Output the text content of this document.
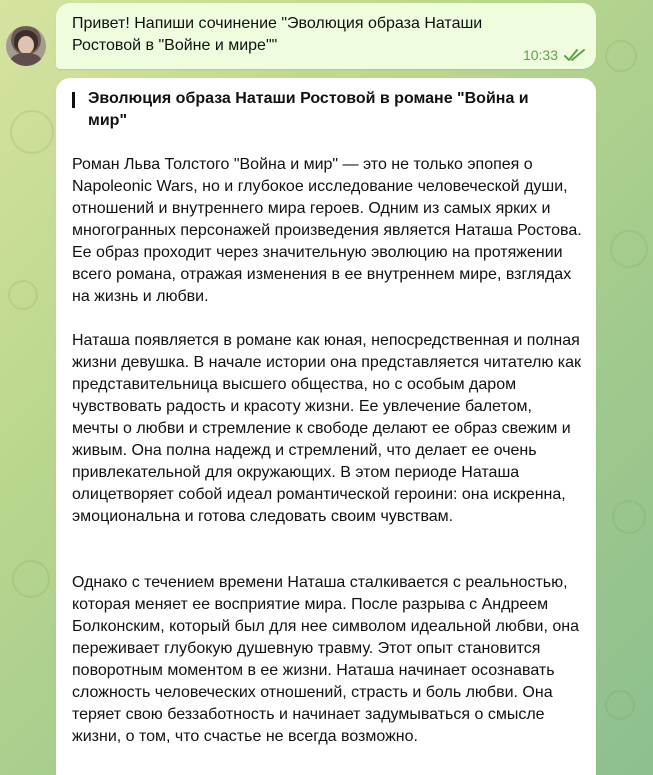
Привет! Напиши сочинение "Эволюция образа Наташи Ростовой в "Войне и мире""
10:33
Эволюция образа Наташи Ростовой в романе "Война и мир"
Роман Льва Толстого "Война и мир" — это не только эпопея о Napoleonic Wars, но и глубокое исследование человеческой души, отношений и внутреннего мира героев. Одним из самых ярких и многогранных персонажей произведения является Наташа Ростова. Ее образ проходит через значительную эволюцию на протяжении всего романа, отражая изменения в ее внутреннем мире, взглядах на жизнь и любви.
Наташа появляется в романе как юная, непосредственная и полная жизни девушка. В начале истории она представляется читателю как представительница высшего общества, но с особым даром чувствовать радость и красоту жизни. Ее увлечение балетом, мечты о любви и стремление к свободе делают ее образ свежим и живым. Она полна надежд и стремлений, что делает ее очень привлекательной для окружающих. В этом периоде Наташа олицетворяет собой идеал романтической героини: она искренна, эмоциональна и готова следовать своим чувствам.
Однако с течением времени Наташа сталкивается с реальностью, которая меняет ее восприятие мира. После разрыва с Андреем Болконским, который был для нее символом идеальной любви, она переживает глубокую душевную травму. Этот опыт становится поворотным моментом в ее жизни. Наташа начинает осознавать сложность человеческих отношений, страсть и боль любви. Она теряет свою беззаботность и начинает задумываться о смысле жизни, о том, что счастье не всегда возможно.
